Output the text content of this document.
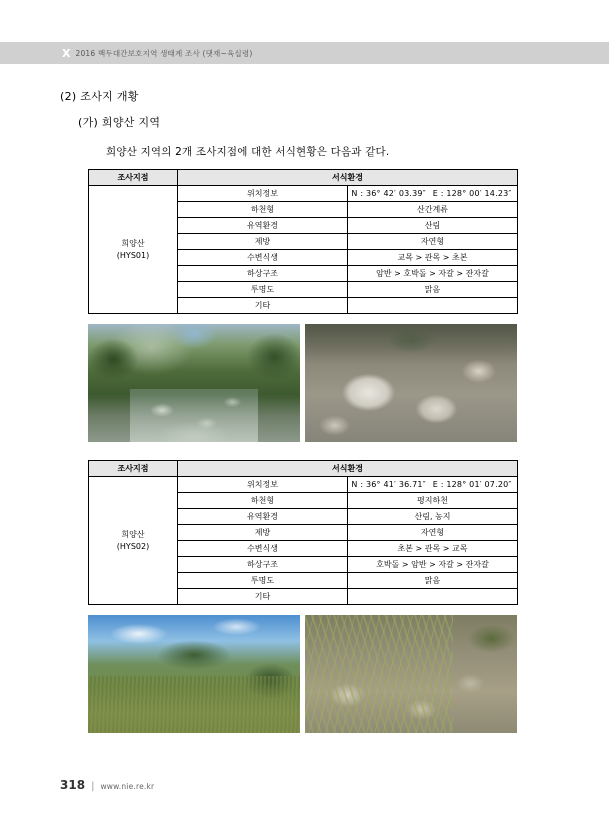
X 2016 백두대간보호지역 생태계 조사 (댓재~육십령)
(2) 조사지 개황
(가) 희양산 지역
희양산 지역의 2개 조사지점에 대한 서식현황은 다음과 같다.
조사지점	서식환경	

희양산
(HYS01)
	위치정보	N : 36° 42′ 03.39″ E : 128° 00′ 14.23″

	하천형	산간계류
	유역환경	산림
	제방	자연형
	수변식생	교목 > 관목 > 초본
	하상구조	암반 > 호박돌 > 자갈 > 잔자갈
	투명도	맑음
	기타	
조사지점	서식환경	

희양산
(HYS02)
	위치정보	N : 36° 41′ 36.71″ E : 128° 01′ 07.20″

	하천형	평지하천
	유역환경	산림, 농지
	제방	자연형
	수변식생	초본 > 관목 > 교목
	하상구조	호박돌 > 암반 > 자갈 > 잔자갈
	투명도	맑음
	기타	
318 | www.nie.re.kr
